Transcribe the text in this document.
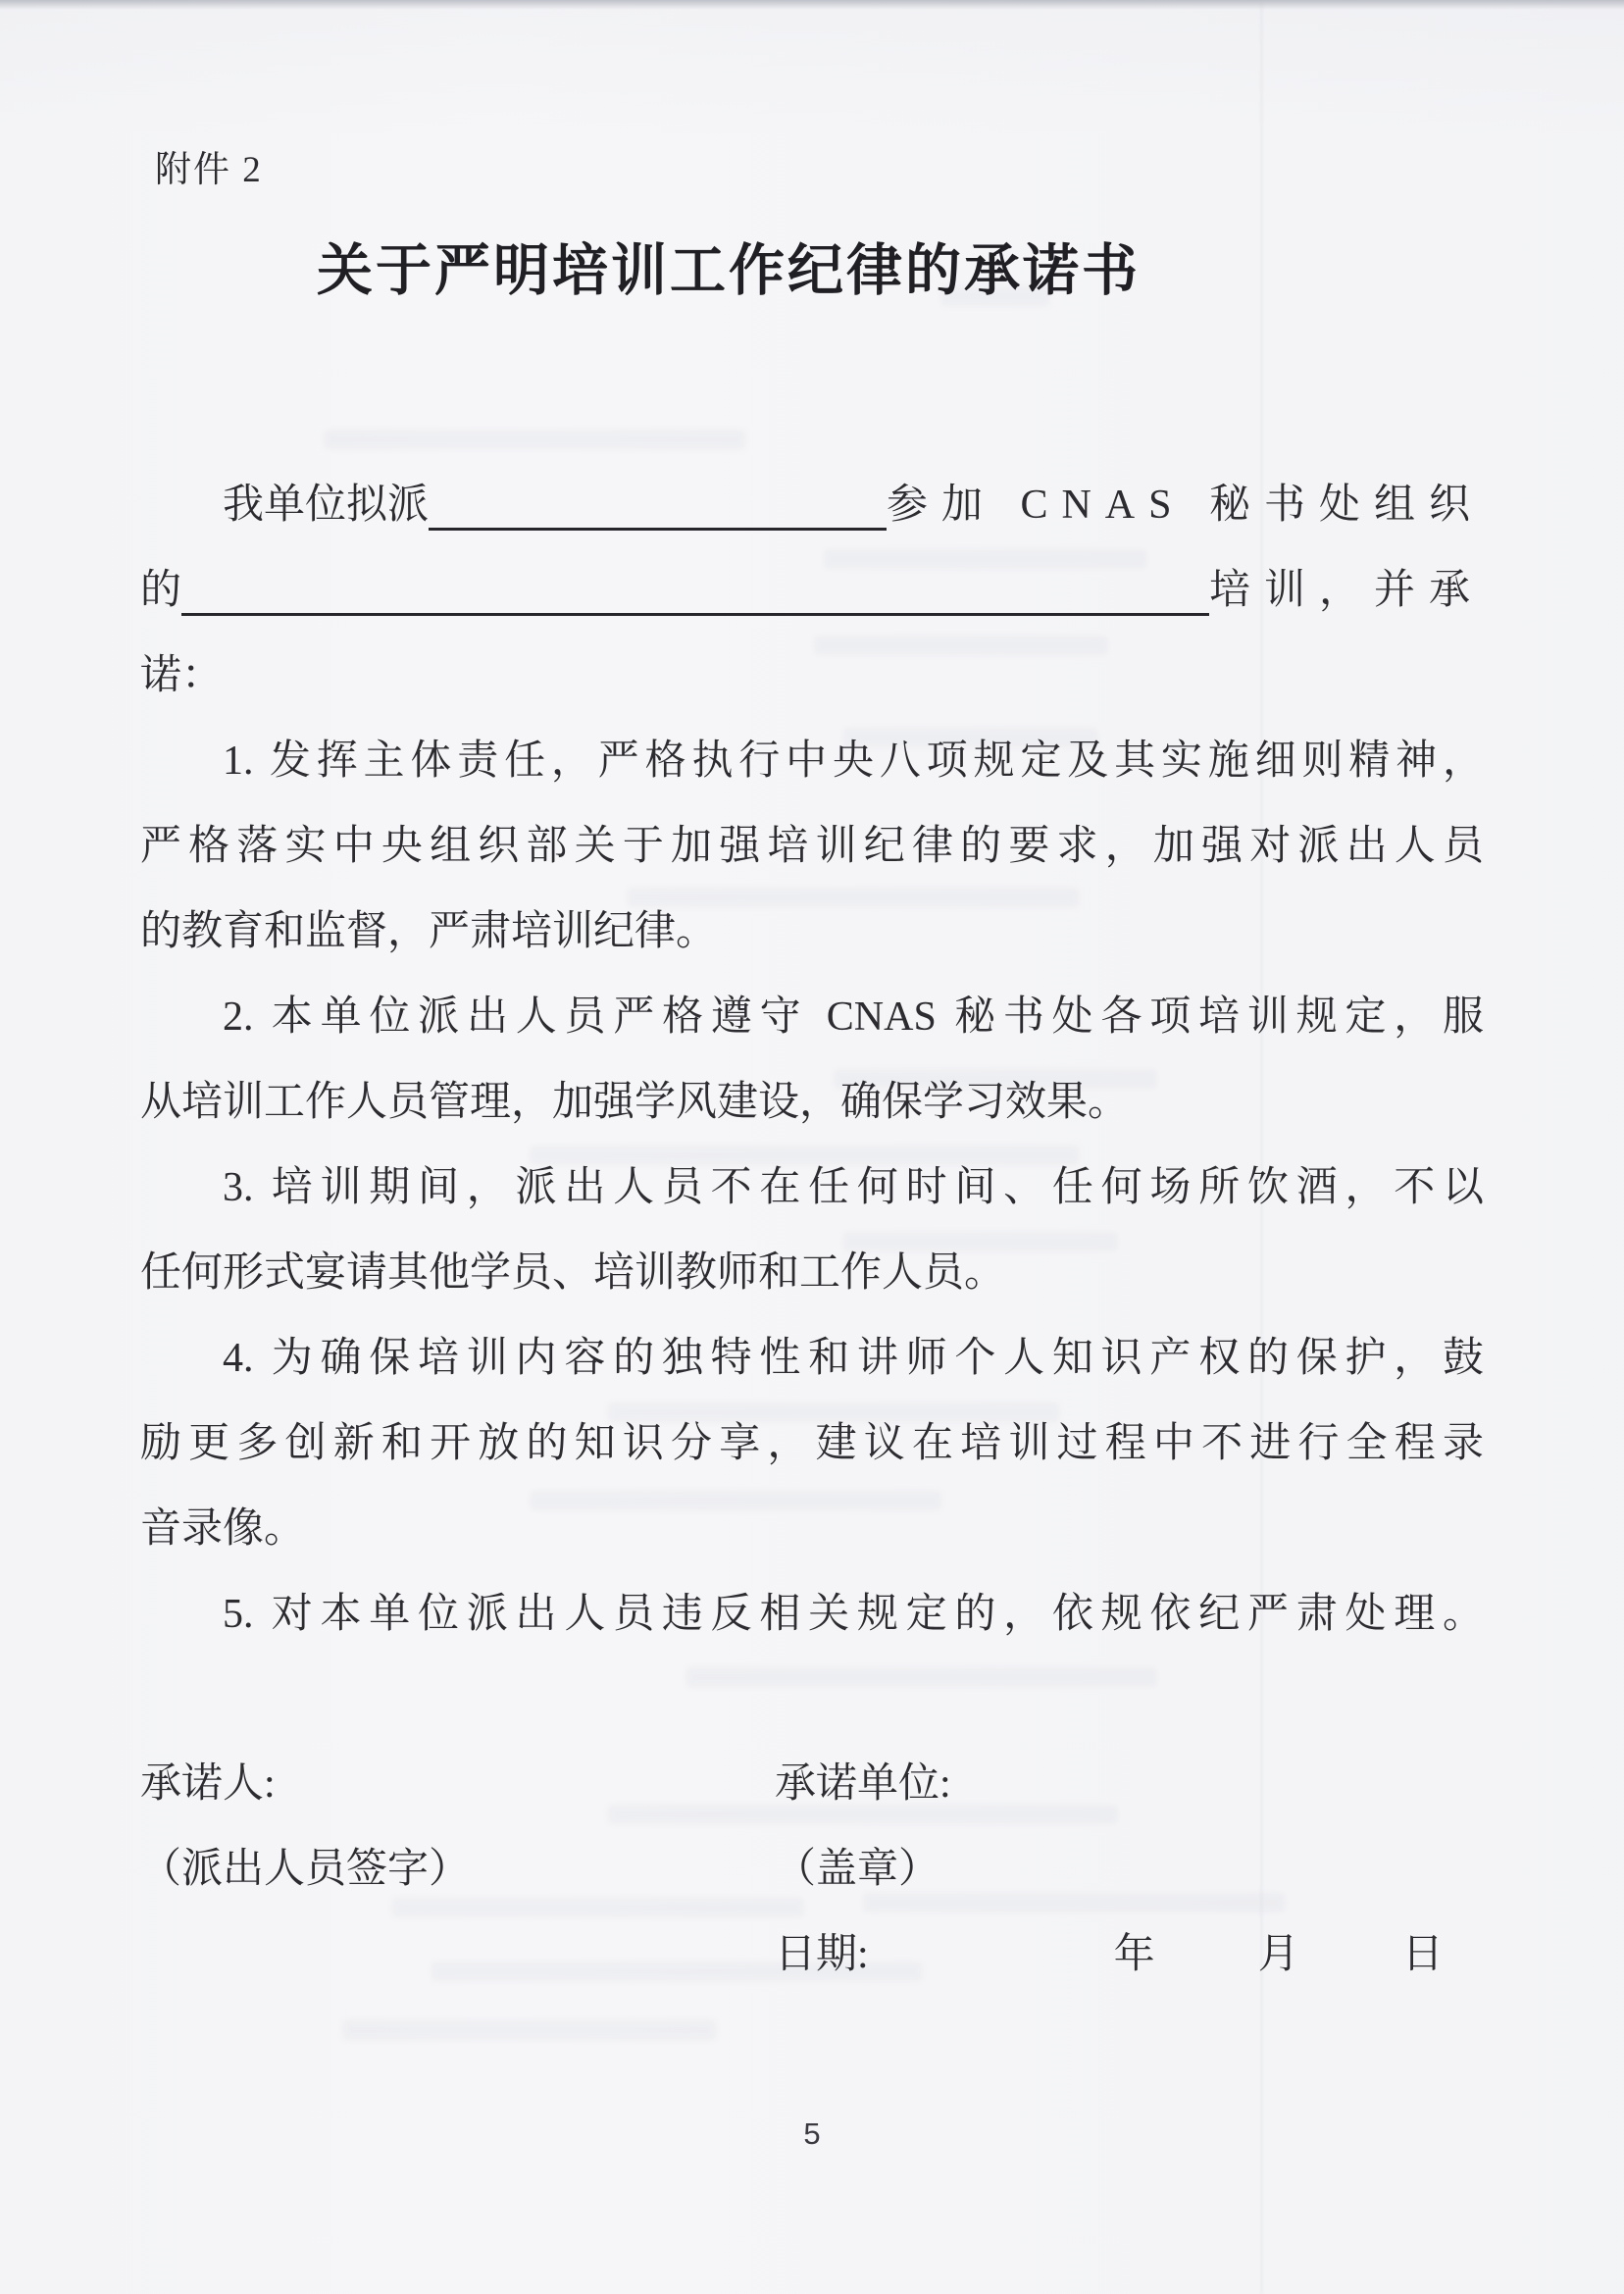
附件 2
关于严明培训工作纪律的承诺书
我单位拟派	参加 CNAS 秘书处组织
的	培训，并承
诺：
1. 发挥主体责任，严格执行中央八项规定及其实施细则精神，
严格落实中央组织部关于加强培训纪律的要求，加强对派出人员
的教育和监督，严肃培训纪律。
2. 本单位派出人员严格遵守 CNAS 秘书处各项培训规定，服
从培训工作人员管理，加强学风建设，确保学习效果。
3. 培训期间，派出人员不在任何时间、任何场所饮酒，不以
任何形式宴请其他学员、培训教师和工作人员。
4. 为确保培训内容的独特性和讲师个人知识产权的保护，鼓
励更多创新和开放的知识分享，建议在培训过程中不进行全程录
音录像。
5. 对本单位派出人员违反相关规定的，依规依纪严肃处理。
承诺人:
（派出人员签字）
承诺单位:
（盖章）
日期:	年	月	日
5
